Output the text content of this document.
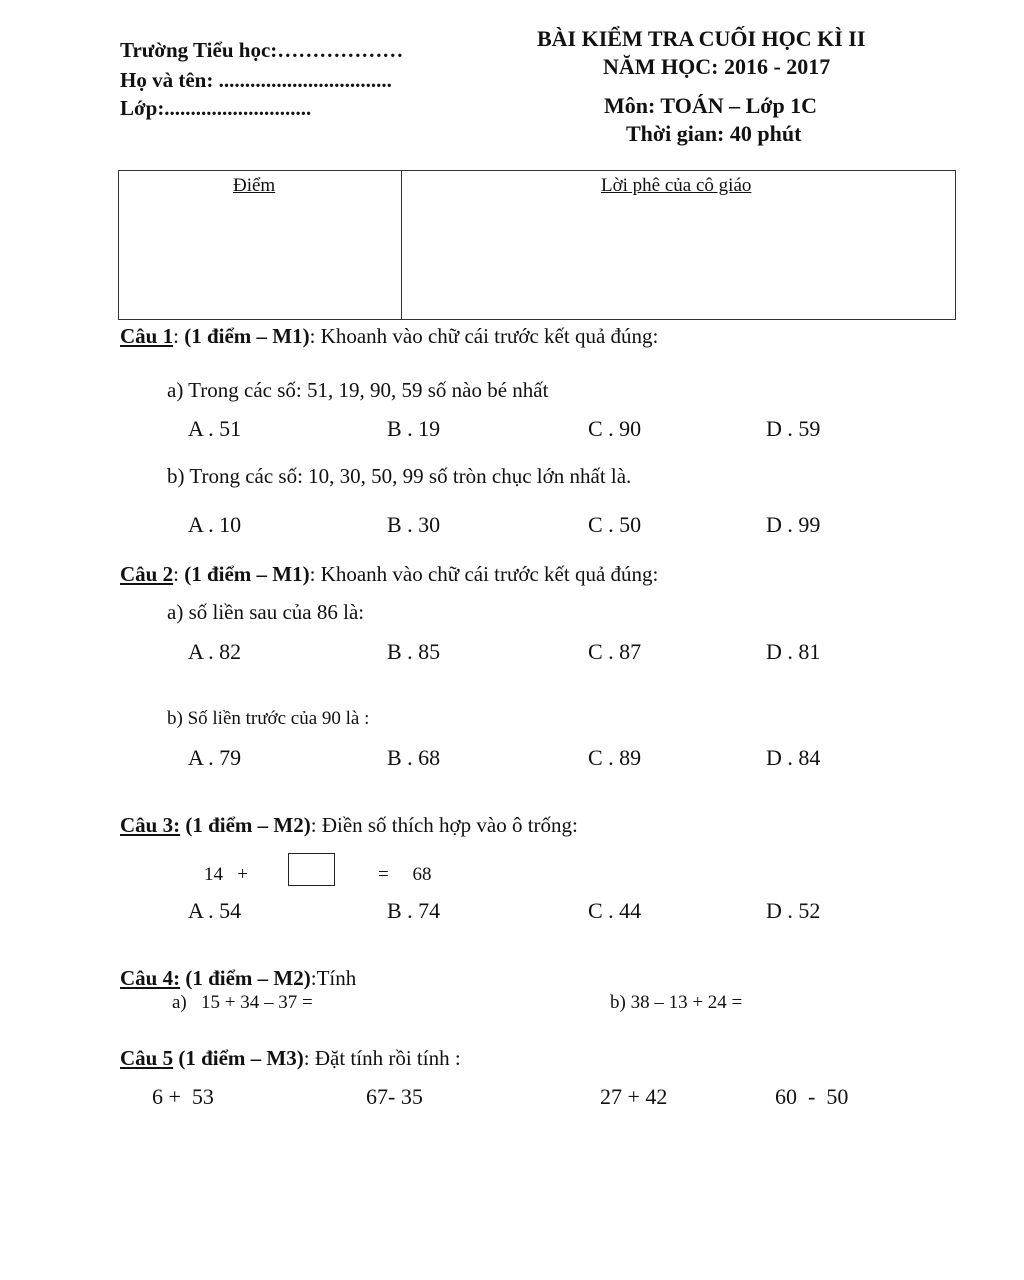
Trường Tiểu học:………………
Họ và tên: .................................
Lớp:............................
BÀI KIỂM TRA CUỐI HỌC KÌ II
NĂM HỌC: 2016 - 2017
Môn: TOÁN – Lớp 1C
Thời gian: 40 phút
Điểm	Lời phê của cô giáo
Câu 1: (1 điểm – M1): Khoanh vào chữ cái trước kết quả đúng:
a) Trong các số: 51, 19, 90, 59 số nào bé nhất
A . 51	B . 19	C . 90	D . 59
b) Trong các số: 10, 30, 50, 99 số tròn chục lớn nhất là.
A . 10	B . 30	C . 50	D . 99
Câu 2: (1 điểm – M1): Khoanh vào chữ cái trước kết quả đúng:
a) số liền sau của 86 là:
A . 82	B . 85	C . 87	D . 81
b) Số liền trước của 90 là :
A . 79	B . 68	C . 89	D . 84
Câu 3: (1 điểm – M2): Điền số thích hợp vào ô trống:
14   +	=     68
A . 54	B . 74	C . 44	D . 52
Câu 4: (1 điểm – M2):Tính
a)   15 + 34 – 37 =	b) 38 – 13 + 24 =
Câu 5 (1 điểm – M3): Đặt tính rồi tính :
6 +  53	67- 35	27 + 42	60  -  50
